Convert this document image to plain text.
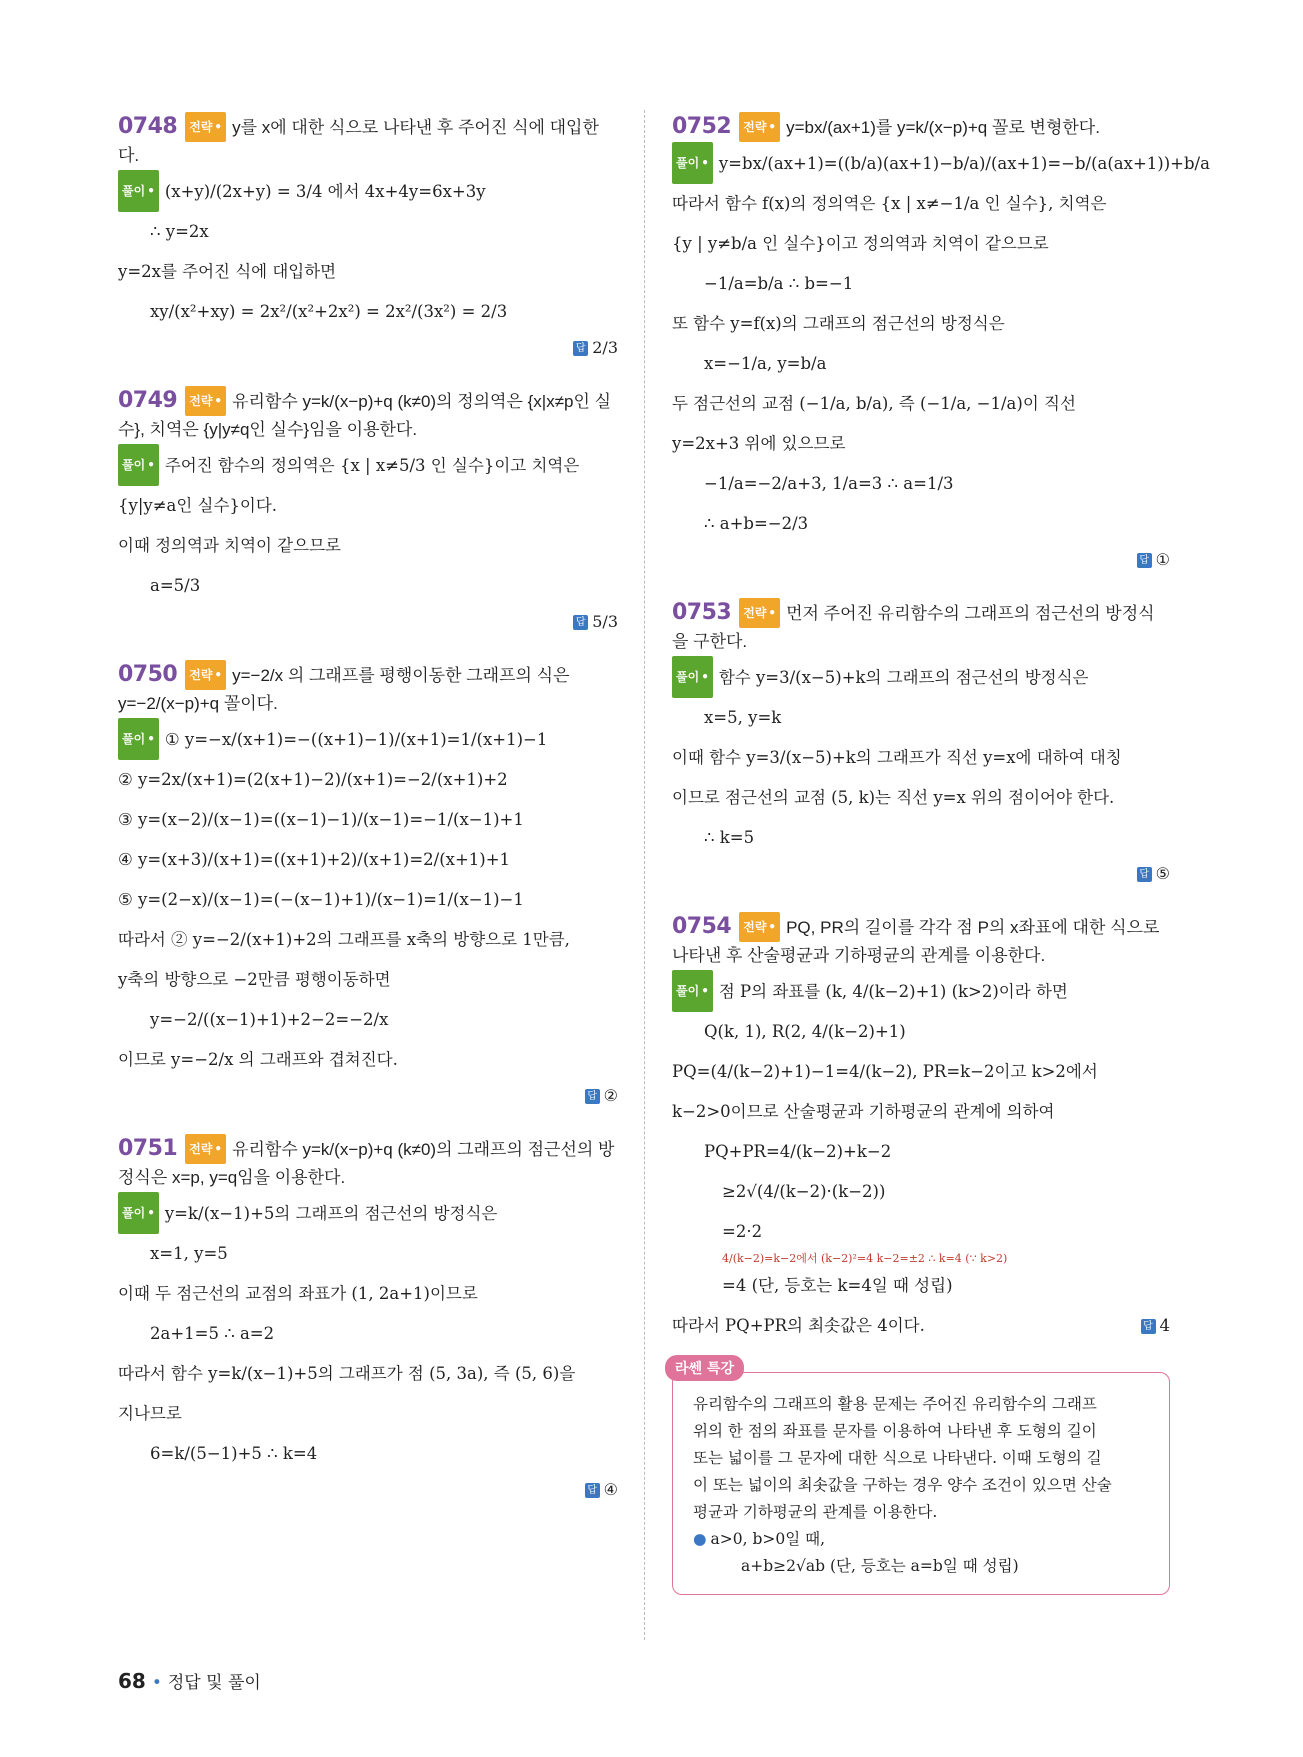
0748 전략 • y를 x에 대한 식으로 나타낸 후 주어진 식에 대입한다.
풀이 • (x+y)/(2x+y) = 3/4 에서 4x+4y=6x+3y
∴ y=2x
y=2x를 주어진 식에 대입하면
xy/(x²+xy) = 2x²/(x²+2x²) = 2x²/(3x²) = 2/3
답 2/3
0749 전략 • 유리함수 y=k/(x−p)+q (k≠0)의 정의역은 {x|x≠p인 실수}, 치역은 {y|y≠q인 실수}임을 이용한다.
풀이 • 주어진 함수의 정의역은 {x | x≠5/3 인 실수}이고 치역은
{y|y≠a인 실수}이다.
이때 정의역과 치역이 같으므로
a=5/3
답 5/3
0750 전략 • y=−2/x 의 그래프를 평행이동한 그래프의 식은 y=−2/(x−p)+q 꼴이다.
풀이 • ① y=−x/(x+1)=−((x+1)−1)/(x+1)=1/(x+1)−1
② y=2x/(x+1)=(2(x+1)−2)/(x+1)=−2/(x+1)+2
③ y=(x−2)/(x−1)=((x−1)−1)/(x−1)=−1/(x−1)+1
④ y=(x+3)/(x+1)=((x+1)+2)/(x+1)=2/(x+1)+1
⑤ y=(2−x)/(x−1)=(−(x−1)+1)/(x−1)=1/(x−1)−1
따라서 ② y=−2/(x+1)+2의 그래프를 x축의 방향으로 1만큼,
y축의 방향으로 −2만큼 평행이동하면
y=−2/((x−1)+1)+2−2=−2/x
이므로 y=−2/x 의 그래프와 겹쳐진다.
답 ②
0751 전략 • 유리함수 y=k/(x−p)+q (k≠0)의 그래프의 점근선의 방정식은 x=p, y=q임을 이용한다.
풀이 • y=k/(x−1)+5의 그래프의 점근선의 방정식은
x=1, y=5
이때 두 점근선의 교점의 좌표가 (1, 2a+1)이므로
2a+1=5 ∴ a=2
따라서 함수 y=k/(x−1)+5의 그래프가 점 (5, 3a), 즉 (5, 6)을
지나므로
6=k/(5−1)+5 ∴ k=4
답 ④
0752 전략 • y=bx/(ax+1)를 y=k/(x−p)+q 꼴로 변형한다.
풀이 • y=bx/(ax+1)=((b/a)(ax+1)−b/a)/(ax+1)=−b/(a(ax+1))+b/a
따라서 함수 f(x)의 정의역은 {x | x≠−1/a 인 실수}, 치역은
{y | y≠b/a 인 실수}이고 정의역과 치역이 같으므로
−1/a=b/a ∴ b=−1
또 함수 y=f(x)의 그래프의 점근선의 방정식은
x=−1/a, y=b/a
두 점근선의 교점 (−1/a, b/a), 즉 (−1/a, −1/a)이 직선
y=2x+3 위에 있으므로
−1/a=−2/a+3, 1/a=3 ∴ a=1/3
∴ a+b=−2/3
답 ①
0753 전략 • 먼저 주어진 유리함수의 그래프의 점근선의 방정식을 구한다.
풀이 • 함수 y=3/(x−5)+k의 그래프의 점근선의 방정식은
x=5, y=k
이때 함수 y=3/(x−5)+k의 그래프가 직선 y=x에 대하여 대칭
이므로 점근선의 교점 (5, k)는 직선 y=x 위의 점이어야 한다.
∴ k=5
답 ⑤
0754 전략 • PQ, PR의 길이를 각각 점 P의 x좌표에 대한 식으로 나타낸 후 산술평균과 기하평균의 관계를 이용한다.
풀이 • 점 P의 좌표를 (k, 4/(k−2)+1) (k>2)이라 하면
Q(k, 1), R(2, 4/(k−2)+1)
PQ=(4/(k−2)+1)−1=4/(k−2), PR=k−2이고 k>2에서
k−2>0이므로 산술평균과 기하평균의 관계에 의하여
PQ+PR=4/(k−2)+k−2
≥2√(4/(k−2)·(k−2))
=2·2
4/(k−2)=k−2에서 (k−2)²=4 k−2=±2 ∴ k=4 (∵ k>2)
=4 (단, 등호는 k=4일 때 성립)
따라서 PQ+PR의 최솟값은 4이다.	답 4
라쎈 특강
유리함수의 그래프의 활용 문제는 주어진 유리함수의 그래프
위의 한 점의 좌표를 문자를 이용하여 나타낸 후 도형의 길이
또는 넓이를 그 문자에 대한 식으로 나타낸다. 이때 도형의 길
이 또는 넓이의 최솟값을 구하는 경우 양수 조건이 있으면 산술
평균과 기하평균의 관계를 이용한다.
● a>0, b>0일 때,
a+b≥2√ab (단, 등호는 a=b일 때 성립)
68 • 정답 및 풀이
